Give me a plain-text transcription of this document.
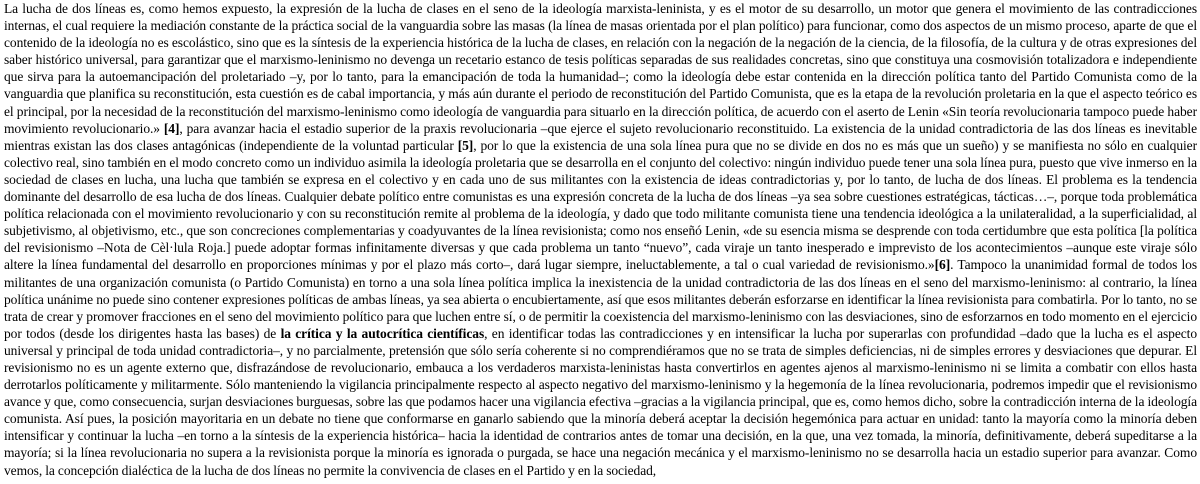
La lucha de dos líneas es, como hemos expuesto, la expresión de la lucha de clases en el seno de la ideología marxista-leninista, y es el motor de su desarrollo, un motor que genera el movimiento de las contradicciones internas, el cual requiere la mediación constante de la práctica social de la vanguardia sobre las masas (la línea de masas orientada por el plan político) para funcionar, como dos aspectos de un mismo proceso, aparte de que el contenido de la ideología no es escolástico, sino que es la síntesis de la experiencia histórica de la lucha de clases, en relación con la negación de la negación de la ciencia, de la filosofía, de la cultura y de otras expresiones del saber histórico universal, para garantizar que el marxismo-leninismo no devenga un recetario estanco de tesis políticas separadas de sus realidades concretas, sino que constituya una cosmovisión totalizadora e independiente que sirva para la autoemancipación del proletariado –y, por lo tanto, para la emancipación de toda la humanidad–; como la ideología debe estar contenida en la dirección política tanto del Partido Comunista como de la vanguardia que planifica su reconstitución, esta cuestión es de cabal importancia, y más aún durante el periodo de reconstitución del Partido Comunista, que es la etapa de la revolución proletaria en la que el aspecto teórico es el principal, por la necesidad de la reconstitución del marxismo-leninismo como ideología de vanguardia para situarlo en la dirección política, de acuerdo con el aserto de Lenin «Sin teoría revolucionaria tampoco puede haber movimiento revolucionario.» [4], para avanzar hacia el estadio superior de la praxis revolucionaria –que ejerce el sujeto revolucionario reconstituido. La existencia de la unidad contradictoria de las dos líneas es inevitable mientras existan las dos clases antagónicas (independiente de la voluntad particular [5], por lo que la existencia de una sola línea pura que no se divide en dos no es más que un sueño) y se manifiesta no sólo en cualquier colectivo real, sino también en el modo concreto como un individuo asimila la ideología proletaria que se desarrolla en el conjunto del colectivo: ningún individuo puede tener una sola línea pura, puesto que vive inmerso en la sociedad de clases en lucha, una lucha que también se expresa en el colectivo y en cada uno de sus militantes con la existencia de ideas contradictorias y, por lo tanto, de lucha de dos líneas. El problema es la tendencia dominante del desarrollo de esa lucha de dos líneas. Cualquier debate político entre comunistas es una expresión concreta de la lucha de dos líneas –ya sea sobre cuestiones estratégicas, tácticas…–, porque toda problemática política relacionada con el movimiento revolucionario y con su reconstitución remite al problema de la ideología, y dado que todo militante comunista tiene una tendencia ideológica a la unilateralidad, a la superficialidad, al subjetivismo, al objetivismo, etc., que son concreciones complementarias y coadyuvantes de la línea revisionista; como nos enseñó Lenin, «de su esencia misma se desprende con toda certidumbre que esta política [la política del revisionismo –Nota de Cèl·lula Roja.] puede adoptar formas infinitamente diversas y que cada problema un tanto “nuevo”, cada viraje un tanto inesperado e imprevisto de los acontecimientos –aunque este viraje sólo altere la línea fundamental del desarrollo en proporciones mínimas y por el plazo más corto–, dará lugar siempre, ineluctablemente, a tal o cual variedad de revisionismo.»[6]. Tampoco la unanimidad formal de todos los militantes de una organización comunista (o Partido Comunista) en torno a una sola línea política implica la inexistencia de la unidad contradictoria de las dos líneas en el seno del marxismo-leninismo: al contrario, la línea política unánime no puede sino contener expresiones políticas de ambas líneas, ya sea abierta o encubiertamente, así que esos militantes deberán esforzarse en identificar la línea revisionista para combatirla. Por lo tanto, no se trata de crear y promover fracciones en el seno del movimiento político para que luchen entre sí, o de permitir la coexistencia del marxismo-leninismo con las desviaciones, sino de esforzarnos en todo momento en el ejercicio por todos (desde los dirigentes hasta las bases) de la crítica y la autocrítica científicas, en identificar todas las contradicciones y en intensificar la lucha por superarlas con profundidad –dado que la lucha es el aspecto universal y principal de toda unidad contradictoria–, y no parcialmente, pretensión que sólo sería coherente si no comprendiéramos que no se trata de simples deficiencias, ni de simples errores y desviaciones que depurar. El revisionismo no es un agente externo que, disfrazándose de revolucionario, embauca a los verdaderos marxista-leninistas hasta convertirlos en agentes ajenos al marxismo-leninismo ni se limita a combatir con ellos hasta derrotarlos políticamente y militarmente. Sólo manteniendo la vigilancia principalmente respecto al aspecto negativo del marxismo-leninismo y la hegemonía de la línea revolucionaria, podremos impedir que el revisionismo avance y que, como consecuencia, surjan desviaciones burguesas, sobre las que podamos hacer una vigilancia efectiva –gracias a la vigilancia principal, que es, como hemos dicho, sobre la contradicción interna de la ideología comunista. Así pues, la posición mayoritaria en un debate no tiene que conformarse en ganarlo sabiendo que la minoría deberá aceptar la decisión hegemónica para actuar en unidad: tanto la mayoría como la minoría deben intensificar y continuar la lucha –en torno a la síntesis de la experiencia histórica– hacia la identidad de contrarios antes de tomar una decisión, en la que, una vez tomada, la minoría, definitivamente, deberá supeditarse a la mayoría; si la línea revolucionaria no supera a la revisionista porque la minoría es ignorada o purgada, se hace una negación mecánica y el marxismo-leninismo no se desarrolla hacia un estadio superior para avanzar. Como vemos, la concepción dialéctica de la lucha de dos líneas no permite la convivencia de clases en el Partido y en la sociedad,
